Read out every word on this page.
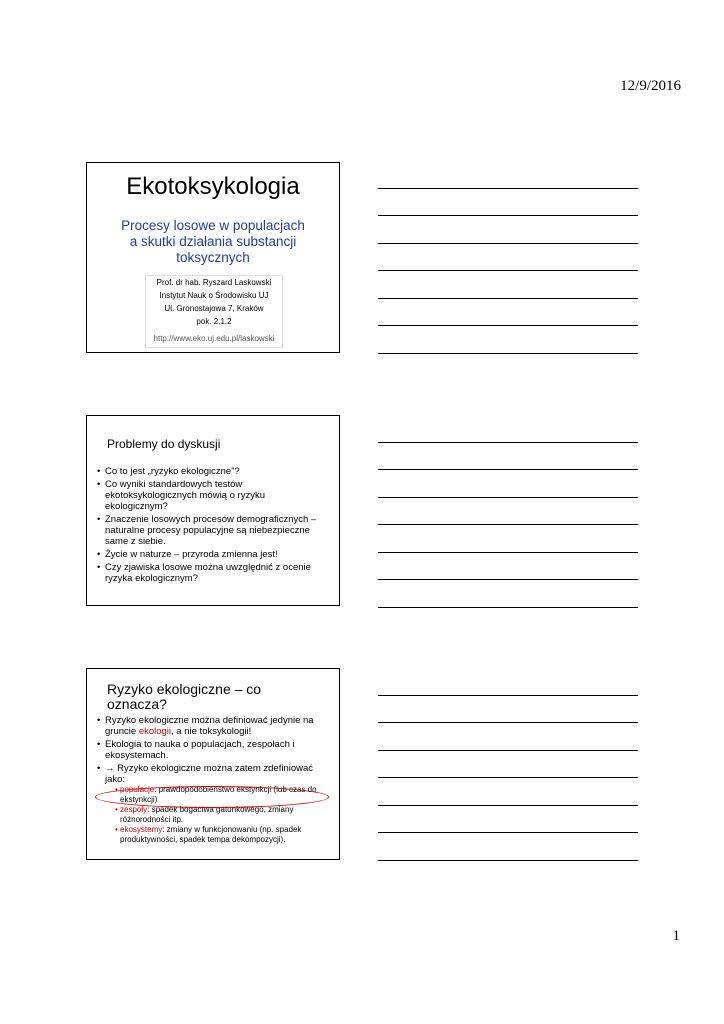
12/9/2016
Ekotoksykologia
Procesy losowe w populacjach
a skutki działania substancji
toksycznych
Prof. dr hab. Ryszard Laskowski
Instytut Nauk o Środowisku UJ
Ul. Gronostajowa 7, Kraków
pok. 2.1.2
http://www.eko.uj.edu.pl/laskowski
Problemy do dyskusji
• Co to jest „ryzyko ekologiczne”?
• Co wyniki standardowych testów ekotoksykologicznych mówią o ryzyku ekologicznym?
• Znaczenie losowych procesów demograficznych – naturalne procesy populacyjne są niebezpieczne same z siebie.
• Życie w naturze – przyroda zmienna jest!
• Czy zjawiska losowe można uwzględnić z ocenie ryzyka ekologicznym?
Ryzyko ekologiczne – co oznacza?
• Ryzyko ekologiczne można definiować jedynie na gruncie ekologii, a nie toksykologii!
• Ekologia to nauka o populacjach, zespołach i ekosystemach.
• → Ryzyko ekologiczne można zatem zdefiniować jako:
• populacje: prawdopodobieństwo ekstynkcji (lub czas do ekstynkcji)
• zespoły: spadek bogactwa gatunkowego, zmiany różnorodności itp.
• ekosystemy: zmiany w funkcjonowaniu (np. spadek produktywności, spadek tempa dekompozycji).
1
